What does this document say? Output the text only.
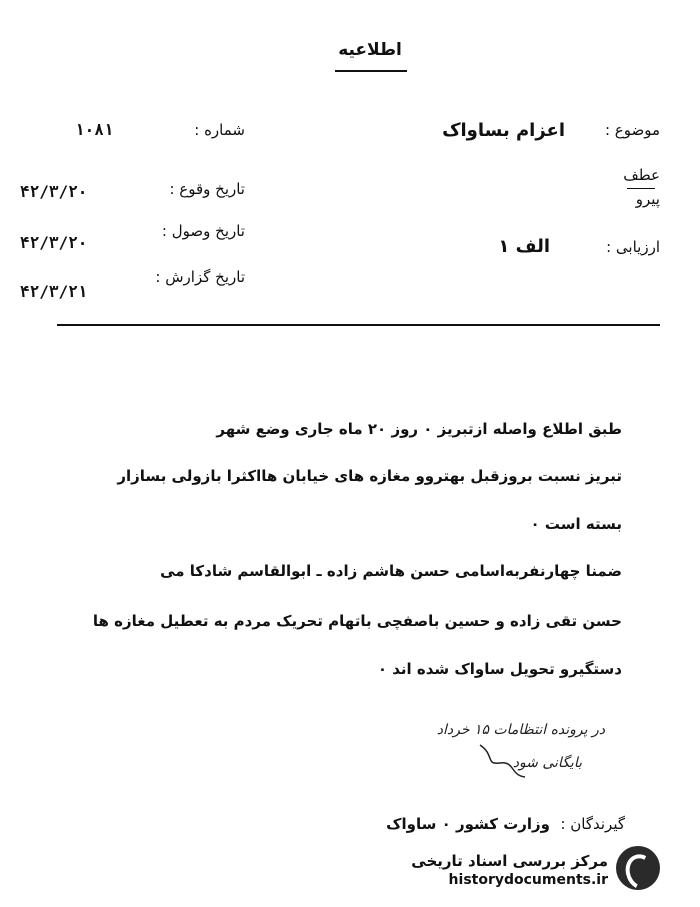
اطلاعیه
موضوع :
اعزام بساواک
عطف
پیرو
ارزیابی :
الف ۱
شماره :
۱۰۸۱
تاریخ وقوع :
۴۲/۳/۲۰
تاریخ وصول :
۴۲/۳/۲۰
تاریخ گزارش :
۴۲/۳/۲۱
طبق اطلاع واصله ازتبریز ۰ روز ۲۰ ماه جاری وضع شهر
تبریز نسبت بروزقبل بهتروو مغازه های خیابان هااکثرا بازولی بسازار
بسته است ۰
ضمنا چهارنفربه‌اسامی حسن هاشم زاده ـ ابوالقاسم شادکا می
حسن تقی زاده و حسین باصفچی باتهام تحریک مردم به تعطیل مغازه ها
دستگیرو تحویل ساواک شده اند ۰
در پرونده انتظامات ۱۵ خرداد
بایگانی شود
گیرندگان :
وزارت کشور ۰ ساواک
مرکز بررسی اسناد تاریخی
historydocuments.ir
